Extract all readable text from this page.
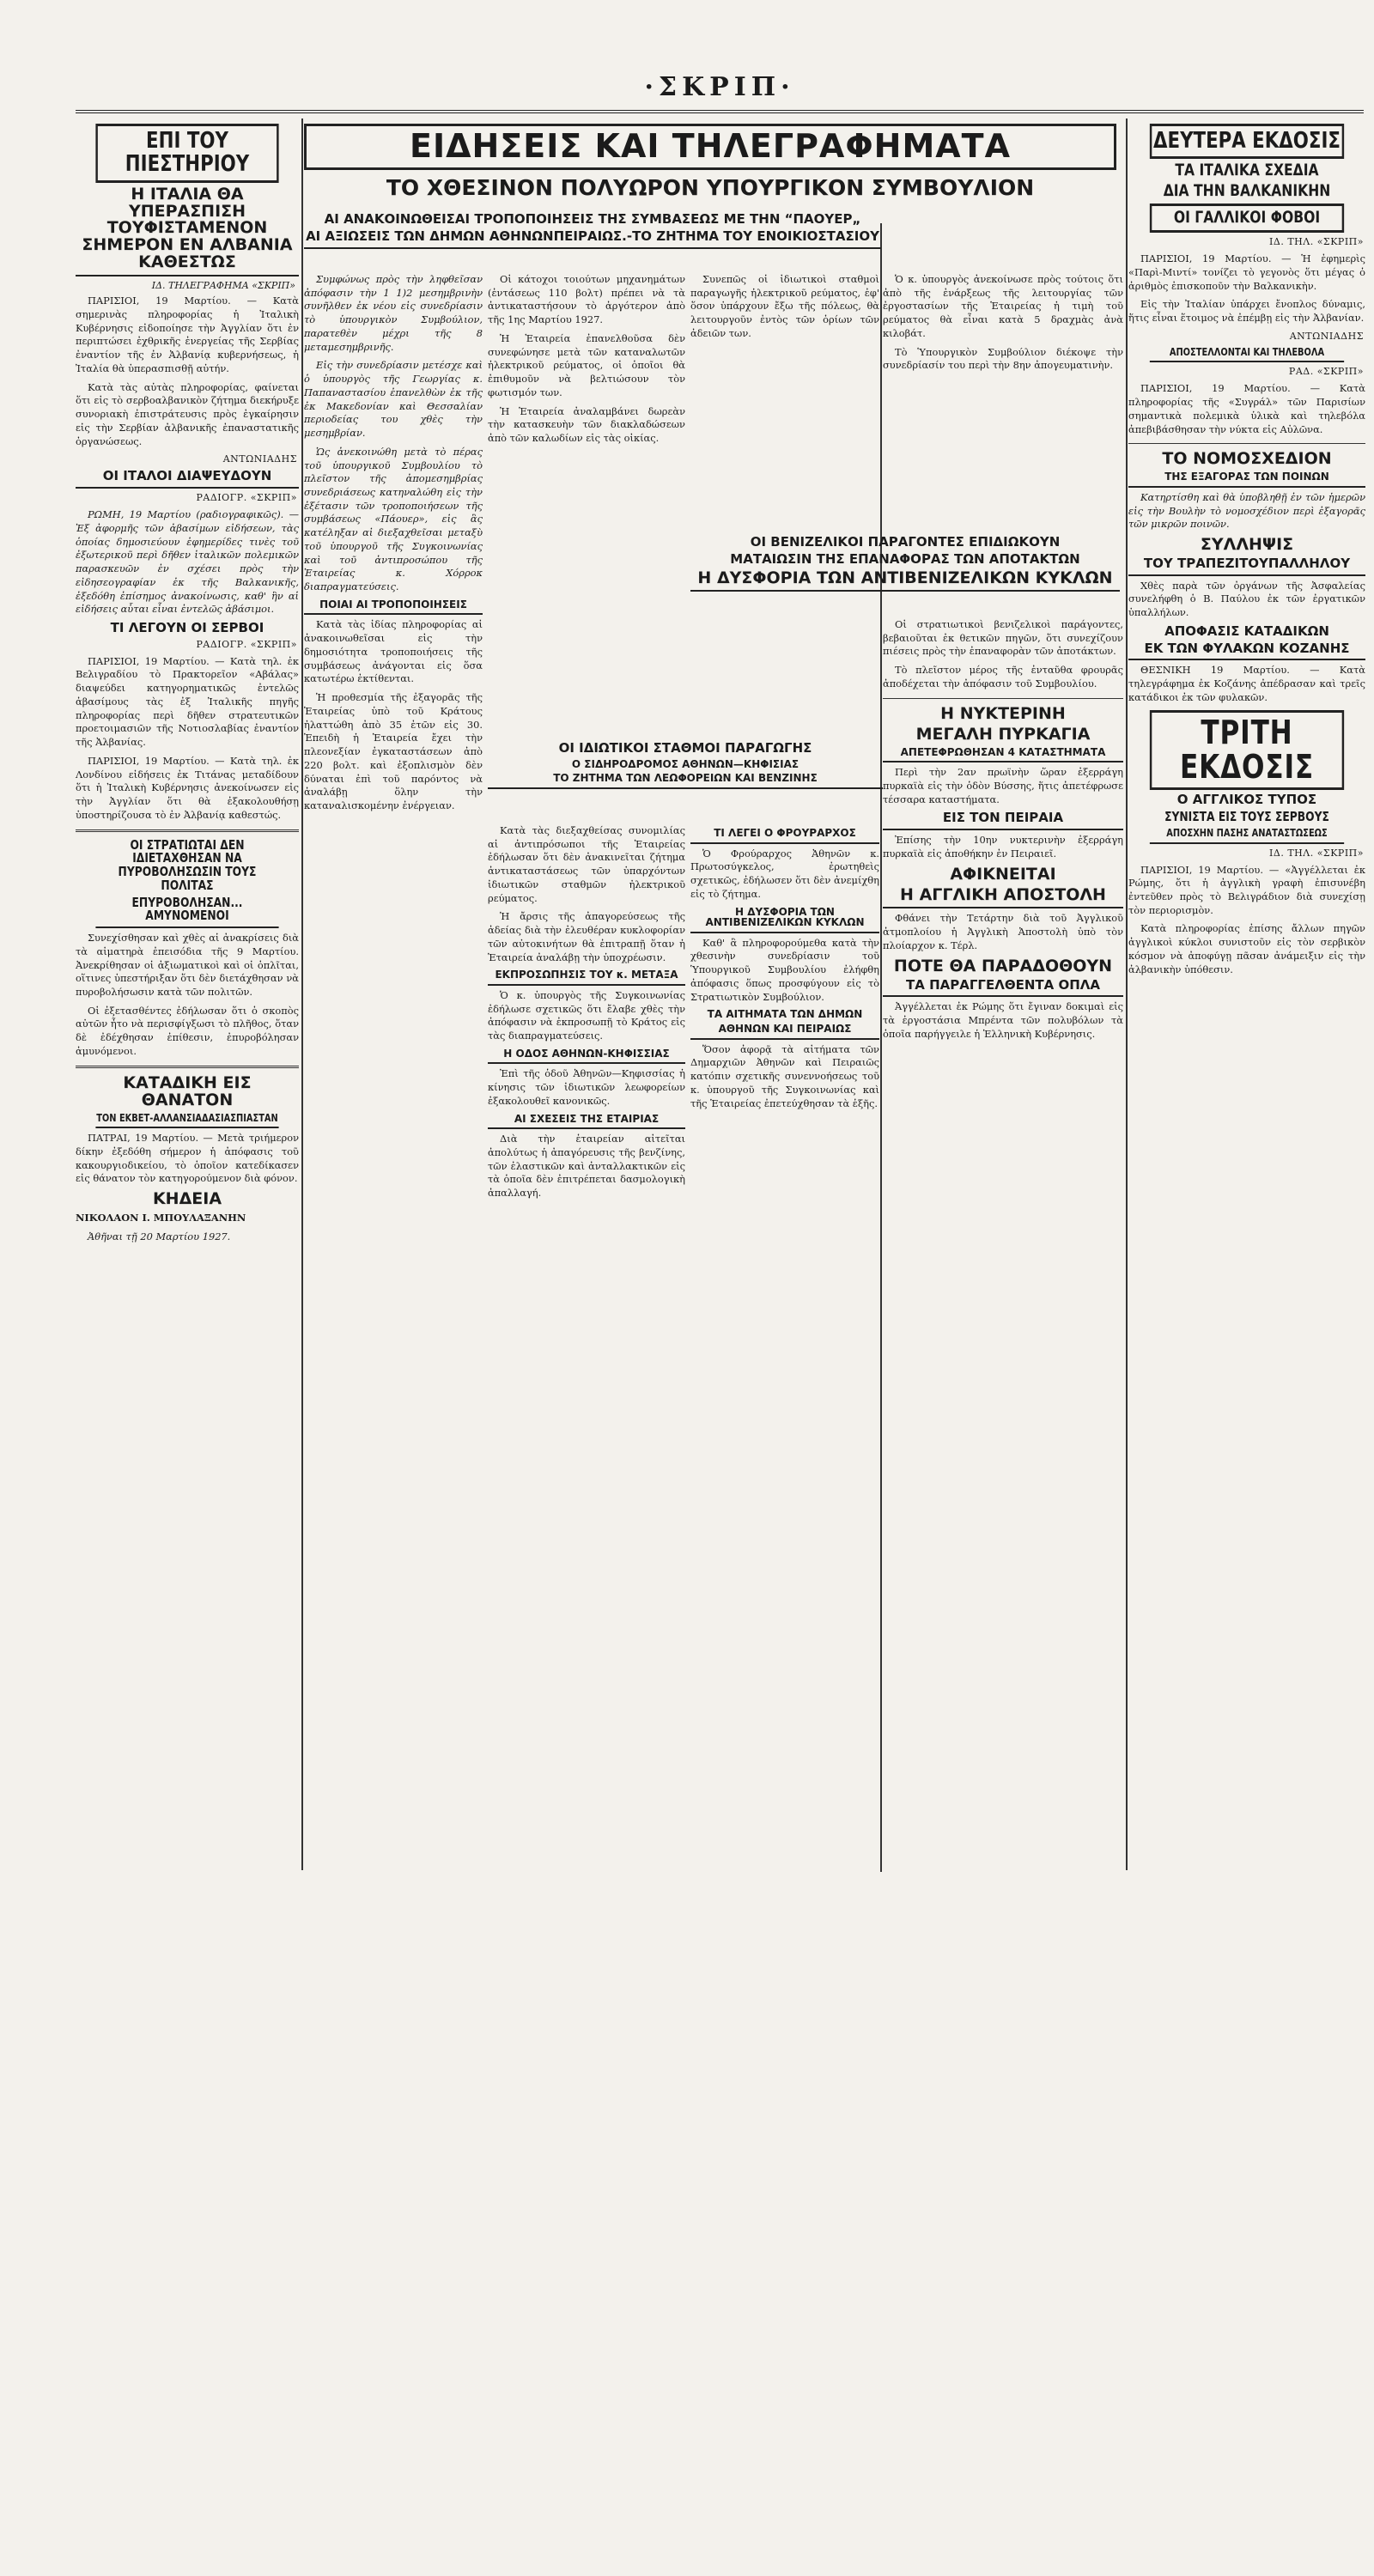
·ΣΚΡΙΠ·
ΕΠΙ ΤΟΥ ΠΙΕΣΤΗΡΙΟΥ
Η ΙΤΑΛΙΑ ΘΑ ΥΠΕΡΑΣΠΙΣΗ ΤΟΥΦΙΣΤΑΜΕΝΟΝ ΣΗΜΕΡΟΝ ΕΝ ΑΛΒΑΝΙΑ ΚΑΘΕΣΤΩΣ
ΙΔ. ΤΗΛΕΓΡΑΦΗΜΑ «ΣΚΡΙΠ»

ΠΑΡΙΣΙΟΙ, 19 Μαρτίου. — Κατὰ σημερινὰς πληροφορίας ἡ Ἰταλικὴ Κυβέρνησις εἰδοποίησε τὴν Ἀγγλίαν ὅτι ἐν περιπτώσει ἐχθρικῆς ἐνεργείας τῆς Σερβίας ἐναντίον τῆς ἐν Ἀλβανίᾳ κυβερνήσεως, ἡ Ἰταλία θὰ ὑπερασπισθῇ αὐτήν.

Κατὰ τὰς αὐτὰς πληροφορίας, φαίνεται ὅτι εἰς τὸ σερβοαλβανικὸν ζήτημα διεκήρυξε συνοριακὴ ἐπιστράτευσις πρὸς ἐγκαίρησιν εἰς τὴν Σερβίαν ἀλβανικῆς ἐπαναστατικῆς ὀργανώσεως.

ΑΝΤΩΝΙΑΔΗΣ
ΟΙ ΙΤΑΛΟΙ ΔΙΑΨΕΥΔΟΥΝ
ΡΑΔΙΟΓΡ. «ΣΚΡΙΠ»

ΡΩΜΗ, 19 Μαρτίου (ραδιογραφικῶς). — Ἐξ ἀφορμῆς τῶν ἀβασίμων εἰδήσεων, τὰς ὁποίας δημοσιεύουν ἐφημερίδες τινὲς τοῦ ἐξωτερικοῦ περὶ δῆθεν ἰταλικῶν πολεμικῶν παρασκευῶν ἐν σχέσει πρὸς τὴν εἰδησεογραφίαν ἐκ τῆς Βαλκανικῆς, ἐξεδόθη ἐπίσημος ἀνακοίνωσις, καθ' ἣν αἱ εἰδήσεις αὗται εἶναι ἐντελῶς ἀβάσιμοι.

ΤΙ ΛΕΓΟΥΝ ΟΙ ΣΕΡΒΟΙ
ΡΑΔΙΟΓΡ. «ΣΚΡΙΠ»

ΠΑΡΙΣΙΟΙ, 19 Μαρτίου. — Κατὰ τηλ. ἐκ Βελιγραδίου τὸ Πρακτορεῖον «Αβάλας» διαψεύδει κατηγορηματικῶς ἐντελῶς ἀβασίμους τὰς ἐξ Ἰταλικῆς πηγῆς πληροφορίας περὶ δῆθεν στρατευτικῶν προετοιμασιῶν τῆς Νοτιοσλαβίας ἐναντίον τῆς Ἀλβανίας.

ΠΑΡΙΣΙΟΙ, 19 Μαρτίου. — Κατὰ τηλ. ἐκ Λονδίνου εἰδήσεις ἐκ Τιτάνας μεταδίδουν ὅτι ἡ Ἰταλικὴ Κυβέρνησις ἀνεκοίνωσεν εἰς τὴν Ἀγγλίαν ὅτι θὰ ἐξακολουθήσῃ ὑποστηρίζουσα τὸ ἐν Ἀλβανίᾳ καθεστώς.

ΟΙ ΣΤΡΑΤΙΩΤΑΙ ΔΕΝ ΙΔΙΕΤΑΧΘΗΣΑΝ ΝΑ ΠΥΡΟΒΟΛΗΣΩΣΙΝ ΤΟΥΣ ΠΟΛΙΤΑΣ
ΕΠΥΡΟΒΟΛΗΣΑΝ... ΑΜΥΝΟΜΕΝΟΙ

Συνεχίσθησαν καὶ χθὲς αἱ ἀνακρίσεις διὰ τὰ αἱματηρὰ ἐπεισόδια τῆς 9 Μαρτίου. Ἀνεκρίθησαν οἱ ἀξιωματικοὶ καὶ οἱ ὁπλῖται, οἵτινες ὑπεστήριξαν ὅτι δὲν διετάχθησαν νὰ πυροβολήσωσιν κατὰ τῶν πολιτῶν.

Οἱ ἐξετασθέντες ἐδήλωσαν ὅτι ὁ σκοπὸς αὐτῶν ἦτο νὰ περισφίγξωσι τὸ πλῆθος, ὅταν δὲ ἐδέχθησαν ἐπίθεσιν, ἐπυροβόλησαν ἀμυνόμενοι.

ΚΑΤΑΔΙΚΗ ΕΙΣ ΘΑΝΑΤΟΝ
ΤΟΝ ΕΚΒΕΤ-ΑΛΛΑΝΣΙΑΔΑΣΙΑΣΠΙΑΣΤΑΝ

ΠΑΤΡΑΙ, 19 Μαρτίου. — Μετὰ τριήμερον δίκην ἐξεδόθη σήμερον ἡ ἀπόφασις τοῦ κακουργιοδικείου, τὸ ὁποῖον κατεδίκασεν εἰς θάνατον τὸν κατηγορούμενον διὰ φόνον.

ΚΗΔΕΙΑ

ΝΙΚΟΛΑΟΝ Ι. ΜΠΟΥΛΑΞΑΝΗΝ

Ἀθῆναι τῇ 20 Μαρτίου 1927.

ΕΙΔΗΣΕΙΣ ΚΑΙ ΤΗΛΕΓΡΑΦΗΜΑΤΑ
ΤΟ ΧΘΕΣΙΝΟΝ ΠΟΛΥΩΡΟΝ ΥΠΟΥΡΓΙΚΟΝ ΣΥΜΒΟΥΛΙΟΝ
ΑΙ ΑΝΑΚΟΙΝΩΘΕΙΣΑΙ ΤΡΟΠΟΠΟΙΗΣΕΙΣ ΤΗΣ ΣΥΜΒΑΣΕΩΣ ΜΕ ΤΗΝ “ΠΑΟΥΕΡ„
ΑΙ ΑΞΙΩΣΕΙΣ ΤΩΝ ΔΗΜΩΝ ΑΘΗΝΩΝΠΕΙΡΑΙΩΣ.-ΤΟ ΖΗΤΗΜΑ ΤΟΥ ΕΝΟΙΚΙΟΣΤΑΣΙΟΥ

Συμφώνως πρὸς τὴν ληφθεῖσαν ἀπόφασιν τὴν 1 1)2 μεσημβρινὴν συνῆλθεν ἐκ νέου εἰς συνεδρίασιν τὸ ὑπουργικὸν Συμβούλιον, παρατεθὲν μέχρι τῆς 8 μεταμεσημβρινῆς.

Εἰς τὴν συνεδρίασιν μετέσχε καὶ ὁ ὑπουργὸς τῆς Γεωργίας κ. Παπαναστασίου ἐπανελθὼν ἐκ τῆς ἐκ Μακεδονίαν καὶ Θεσσαλίαν περιοδείας του χθὲς τὴν μεσημβρίαν.

Ὡς ἀνεκοινώθη μετὰ τὸ πέρας τοῦ ὑπουργικοῦ Συμβουλίου τὸ πλεῖστον τῆς ἀπομεσημβρίας συνεδριάσεως κατηναλώθη εἰς τὴν ἐξέτασιν τῶν τροποποιήσεων τῆς συμβάσεως «Πάουερ», εἰς ἃς κατέληξαν αἱ διεξαχθεῖσαι μεταξὺ τοῦ ὑπουργοῦ τῆς Συγκοινωνίας καὶ τοῦ ἀντιπροσώπου τῆς Ἑταιρείας κ. Χόρροκ διαπραγματεύσεις.

ΠΟΙΑΙ ΑΙ ΤΡΟΠΟΠΟΙΗΣΕΙΣ

Κατὰ τὰς ἰδίας πληροφορίας αἱ ἀνακοινωθεῖσαι εἰς τὴν δημοσιότητα τροποποιήσεις τῆς συμβάσεως ἀνάγονται εἰς ὅσα κατωτέρω ἐκτίθενται.

Ἡ προθεσμία τῆς ἐξαγορᾶς τῆς Ἑταιρείας ὑπὸ τοῦ Κράτους ἠλαττώθη ἀπὸ 35 ἐτῶν εἰς 30. Ἐπειδὴ ἡ Ἑταιρεία ἔχει τὴν πλεονεξίαν ἐγκαταστάσεων ἀπὸ 220 βολτ. καὶ ἐξοπλισμὸν δὲν δύναται ἐπὶ τοῦ παρόντος νὰ ἀναλάβῃ ὅλην τὴν καταναλισκομένην ἐνέργειαν.

Οἱ κάτοχοι τοιούτων μηχανημάτων (ἐντάσεως 110 βολτ) πρέπει νὰ τὰ ἀντικαταστήσουν τὸ ἀργότερον ἀπὸ τῆς 1ης Μαρτίου 1927.

Ἡ Ἑταιρεία ἐπανελθοῦσα δὲν συνεφώνησε μετὰ τῶν καταναλωτῶν ἠλεκτρικοῦ ρεύματος, οἱ ὁποῖοι θὰ ἐπιθυμοῦν νὰ βελτιώσουν τὸν φωτισμόν των.

Ἡ Ἑταιρεία ἀναλαμβάνει δωρεὰν τὴν κατασκευὴν τῶν διακλαδώσεων ἀπὸ τῶν καλωδίων εἰς τὰς οἰκίας.

Συνεπῶς οἱ ἰδιωτικοὶ σταθμοὶ παραγωγῆς ἠλεκτρικοῦ ρεύματος, ἐφ' ὅσον ὑπάρχουν ἔξω τῆς πόλεως, θὰ λειτουργοῦν ἐντὸς τῶν ὁρίων τῶν ἀδειῶν των.

Ὁ κ. ὑπουργὸς ἀνεκοίνωσε πρὸς τούτοις ὅτι ἀπὸ τῆς ἐνάρξεως τῆς λειτουργίας τῶν ἐργοστασίων τῆς Ἑταιρείας ἡ τιμὴ τοῦ ρεύματος θὰ εἶναι κατὰ 5 δραχμὰς ἀνὰ κιλοβάτ.

Τὸ Ὑπουργικὸν Συμβούλιον διέκοψε τὴν συνεδρίασίν του περὶ τὴν 8ην ἀπογευματινὴν.

ΟΙ ΒΕΝΙΖΕΛΙΚΟΙ ΠΑΡΑΓΟΝΤΕΣ ΕΠΙΔΙΩΚΟΥΝ
ΜΑΤΑΙΩΣΙΝ ΤΗΣ ΕΠΑΝΑΦΟΡΑΣ ΤΩΝ ΑΠΟΤΑΚΤΩΝ
Η ΔΥΣΦΟΡΙΑ ΤΩΝ ΑΝΤΙΒΕΝΙΖΕΛΙΚΩΝ ΚΥΚΛΩΝ
ΟΙ ΙΔΙΩΤΙΚΟΙ ΣΤΑΘΜΟΙ ΠΑΡΑΓΩΓΗΣ
Ο ΣΙΔΗΡΟΔΡΟΜΟΣ ΑΘΗΝΩΝ—ΚΗΦΙΣΙΑΣ
ΤΟ ΖΗΤΗΜΑ ΤΩΝ ΛΕΩΦΟΡΕΙΩΝ ΚΑΙ ΒΕΝΖΙΝΗΣ

Κατὰ τὰς διεξαχθείσας συνομιλίας αἱ ἀντιπρόσωποι τῆς Ἑταιρείας ἐδήλωσαν ὅτι δὲν ἀνακινεῖται ζήτημα ἀντικαταστάσεως τῶν ὑπαρχόντων ἰδιωτικῶν σταθμῶν ἠλεκτρικοῦ ρεύματος.

Ἡ ἄρσις τῆς ἀπαγορεύσεως τῆς ἀδείας διὰ τὴν ἐλευθέραν κυκλοφορίαν τῶν αὐτοκινήτων θὰ ἐπιτραπῇ ὅταν ἡ Ἑταιρεία ἀναλάβῃ τὴν ὑποχρέωσιν.

ΕΚΠΡΟΣΩΠΗΣΙΣ ΤΟΥ κ. ΜΕΤΑΞΑ

Ὁ κ. ὑπουργὸς τῆς Συγκοινωνίας ἐδήλωσε σχετικῶς ὅτι ἔλαβε χθὲς τὴν ἀπόφασιν νὰ ἐκπροσωπῇ τὸ Κράτος εἰς τὰς διαπραγματεύσεις.

Η ΟΔΟΣ ΑΘΗΝΩΝ-ΚΗΦΙΣΣΙΑΣ

Ἐπὶ τῆς ὁδοῦ Ἀθηνῶν—Κηφισσίας ἡ κίνησις τῶν ἰδιωτικῶν λεωφορείων ἐξακολουθεῖ κανονικῶς.

ΑΙ ΣΧΕΣΕΙΣ ΤΗΣ ΕΤΑΙΡΙΑΣ

Διὰ τὴν ἑταιρείαν αἰτεῖται ἀπολύτως ἡ ἀπαγόρευσις τῆς βενζίνης, τῶν ἐλαστικῶν καὶ ἀνταλλακτικῶν εἰς τὰ ὁποῖα δὲν ἐπιτρέπεται δασμολογικὴ ἀπαλλαγή.

ΤΙ ΛΕΓΕΙ Ο ΦΡΟΥΡΑΡΧΟΣ

Ὁ Φρούραρχος Ἀθηνῶν κ. Πρωτοσύγκελος, ἐρωτηθεὶς σχετικῶς, ἐδήλωσεν ὅτι δὲν ἀνεμίχθη εἰς τὸ ζήτημα.

Η ΔΥΣΦΟΡΙΑ ΤΩΝ ΑΝΤΙΒΕΝΙΖΕΛΙΚΩΝ ΚΥΚΛΩΝ

Καθ' ἃ πληροφορούμεθα κατὰ τὴν χθεσινὴν συνεδρίασιν τοῦ Ὑπουργικοῦ Συμβουλίου ἐλήφθη ἀπόφασις ὅπως προσφύγουν εἰς τὸ Στρατιωτικὸν Συμβούλιον.

ΤΑ ΑΙΤΗΜΑΤΑ ΤΩΝ ΔΗΜΩΝ
ΑΘΗΝΩΝ ΚΑΙ ΠΕΙΡΑΙΩΣ

Ὅσον ἀφορᾷ τὰ αἰτήματα τῶν Δημαρχιῶν Ἀθηνῶν καὶ Πειραιῶς κατόπιν σχετικῆς συνεννοήσεως τοῦ κ. ὑπουργοῦ τῆς Συγκοινωνίας καὶ τῆς Ἑταιρείας ἐπετεύχθησαν τὰ ἑξῆς.

Οἱ στρατιωτικοὶ βενιζελικοὶ παράγοντες, βεβαιοῦται ἐκ θετικῶν πηγῶν, ὅτι συνεχίζουν πιέσεις πρὸς τὴν ἐπαναφορὰν τῶν ἀποτάκτων.

Τὸ πλεῖστον μέρος τῆς ἐνταῦθα φρουρᾶς ἀποδέχεται τὴν ἀπόφασιν τοῦ Συμβουλίου.

Η ΝΥΚΤΕΡΙΝΗ
ΜΕΓΑΛΗ ΠΥΡΚΑΓΙΑ
ΑΠΕΤΕΦΡΩΘΗΣΑΝ 4 ΚΑΤΑΣΤΗΜΑΤΑ

Περὶ τὴν 2αν πρωϊνὴν ὥραν ἐξερράγη πυρκαϊὰ εἰς τὴν ὁδὸν Βύσσης, ἥτις ἀπετέφρωσε τέσσαρα καταστήματα.

ΕΙΣ ΤΟΝ ΠΕΙΡΑΙΑ

Ἐπίσης τὴν 10ην νυκτερινὴν ἐξερράγη πυρκαϊὰ εἰς ἀποθήκην ἐν Πειραιεῖ.

ΑΦΙΚΝΕΙΤΑΙ
Η ΑΓΓΛΙΚΗ ΑΠΟΣΤΟΛΗ

Φθάνει τὴν Τετάρτην διὰ τοῦ Ἀγγλικοῦ ἀτμοπλοίου ἡ Ἀγγλικὴ Ἀποστολὴ ὑπὸ τὸν πλοίαρχον κ. Τέρλ.

ΠΟΤΕ ΘΑ ΠΑΡΑΔΟΘΟΥΝ
ΤΑ ΠΑΡΑΓΓΕΛΘΕΝΤΑ ΟΠΛΑ

Ἀγγέλλεται ἐκ Ρώμης ὅτι ἔγιναν δοκιμαὶ εἰς τὰ ἐργοστάσια Μπρέντα τῶν πολυβόλων τὰ ὁποῖα παρήγγειλε ἡ Ἑλληνικὴ Κυβέρνησις.

ΔΕΥΤΕΡΑ ΕΚΔΟΣΙΣ
ΤΑ ΙΤΑΛΙΚΑ ΣΧΕΔΙΑ
ΔΙΑ ΤΗΝ ΒΑΛΚΑΝΙΚΗΝ
ΟΙ ΓΑΛΛΙΚΟΙ ΦΟΒΟΙ
ΙΔ. ΤΗΛ. «ΣΚΡΙΠ»

ΠΑΡΙΣΙΟΙ, 19 Μαρτίου. — Ἡ ἐφημερὶς «Παρὶ-Μιντί» τονίζει τὸ γεγονὸς ὅτι μέγας ὁ ἀριθμὸς ἐπισκοποῦν τὴν Βαλκανικὴν.

Εἰς τὴν Ἰταλίαν ὑπάρχει ἔνοπλος δύναμις, ἥτις εἶναι ἕτοιμος νὰ ἐπέμβῃ εἰς τὴν Ἀλβανίαν.

ΑΝΤΩΝΙΑΔΗΣ
ΑΠΟΣΤΕΛΛΟΝΤΑΙ ΚΑΙ ΤΗΛΕΒΟΛΑ
ΡΑΔ. «ΣΚΡΙΠ»

ΠΑΡΙΣΙΟΙ, 19 Μαρτίου. — Κατὰ πληροφορίας τῆς «Συγράλ» τῶν Παρισίων σημαντικὰ πολεμικὰ ὑλικὰ καὶ τηλεβόλα ἀπεβιβάσθησαν τὴν νύκτα εἰς Αὐλῶνα.

ΤΟ ΝΟΜΟΣΧΕΔΙΟΝ
ΤΗΣ ΕΞΑΓΟΡΑΣ ΤΩΝ ΠΟΙΝΩΝ

Κατηρτίσθη καὶ θὰ ὑποβληθῇ ἐν τῶν ἡμερῶν εἰς τὴν Βουλὴν τὸ νομοσχέδιον περὶ ἐξαγορᾶς τῶν μικρῶν ποινῶν.

ΣΥΛΛΗΨΙΣ
ΤΟΥ ΤΡΑΠΕΖΙΤΟΥΠΑΛΛΗΛΟΥ

Χθὲς παρὰ τῶν ὀργάνων τῆς Ἀσφαλείας συνελήφθη ὁ Β. Παύλου ἐκ τῶν ἐργατικῶν ὑπαλλήλων.

ΑΠΟΦΑΣΙΣ ΚΑΤΑΔΙΚΩΝ
ΕΚ ΤΩΝ ΦΥΛΑΚΩΝ ΚΟΖΑΝΗΣ

ΘΕΣΝΙΚΗ 19 Μαρτίου. — Κατὰ τηλεγράφημα ἐκ Κοζάνης ἀπέδρασαν καὶ τρεῖς κατάδικοι ἐκ τῶν φυλακῶν.

ΤΡΙΤΗ ΕΚΔΟΣΙΣ
Ο ΑΓΓΛΙΚΟΣ ΤΥΠΟΣ
ΣΥΝΙΣΤΑ ΕΙΣ ΤΟΥΣ ΣΕΡΒΟΥΣ
ΑΠΟΣΧΗΝ ΠΑΣΗΣ ΑΝΑΤΑΣΤΩΣΕΩΣ
ΙΔ. ΤΗΛ. «ΣΚΡΙΠ»

ΠΑΡΙΣΙΟΙ, 19 Μαρτίου. — «Ἀγγέλλεται ἐκ Ρώμης, ὅτι ἡ ἀγγλικὴ γραφὴ ἐπισυνέβη ἐντεῦθεν πρὸς τὸ Βελιγράδιον διὰ συνεχίσῃ τὸν περιορισμὸν.

Κατὰ πληροφορίας ἐπίσης ἄλλων πηγῶν ἀγγλικοὶ κύκλοι συνιστοῦν εἰς τὸν σερβικὸν κόσμον νὰ ἀποφύγῃ πᾶσαν ἀνάμειξιν εἰς τὴν ἀλβανικὴν ὑπόθεσιν.
